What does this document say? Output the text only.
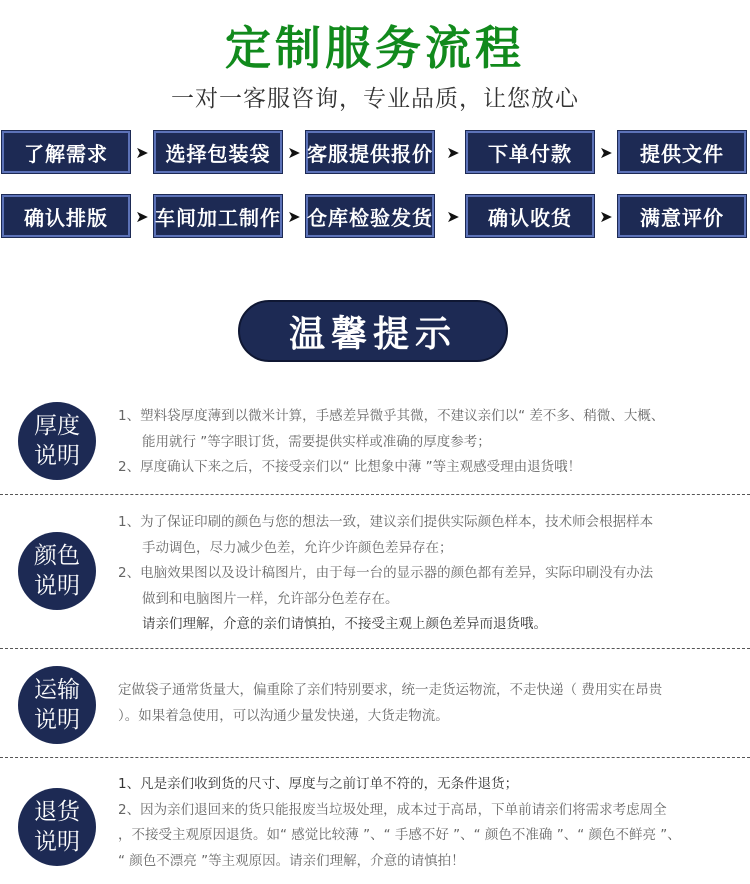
定制服务流程
一对一客服咨询，专业品质，让您放心
了解需求	➤ 选择包装袋	➤ 客服提供报价 ➤	下单付款	➤	提供文件
确认排版	➤ 车间加工制作 ➤ 仓库检验发货 ➤	确认收货	➤	满意评价
温馨提示
厚度
说明

1、塑料袋厚度薄到以微米计算，手感差异微乎其微，不建议亲们以“ 差不多、稍微、大概、

能用就行 ”等字眼订货，需要提供实样或准确的厚度参考；

2、厚度确认下来之后，不接受亲们以“ 比想象中薄 ”等主观感受理由退货哦！

颜色
说明

1、为了保证印刷的颜色与您的想法一致，建议亲们提供实际颜色样本，技术师会根据样本

手动调色，尽力减少色差，允许少许颜色差异存在；

2、电脑效果图以及设计稿图片，由于每一台的显示器的颜色都有差异，实际印刷没有办法

做到和电脑图片一样，允许部分色差存在。

请亲们理解，介意的亲们请慎拍，不接受主观上颜色差异而退货哦。

运输
说明

定做袋子通常货量大，偏重除了亲们特别要求，统一走货运物流，不走快递（ 费用实在昂贵

）。如果着急使用，可以沟通少量发快递，大货走物流。

退货
说明

1、凡是亲们收到货的尺寸、厚度与之前订单不符的，无条件退货；

2、因为亲们退回来的货只能报废当垃圾处理，成本过于高昂，下单前请亲们将需求考虑周全

，不接受主观原因退货。如“ 感觉比较薄 ”、“ 手感不好 ”、“ 颜色不准确 ”、“ 颜色不鲜亮 ”、

“ 颜色不漂亮 ”等主观原因。请亲们理解，介意的请慎拍！
